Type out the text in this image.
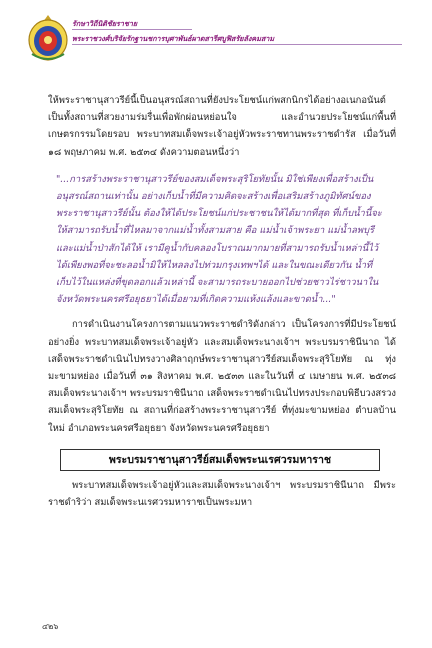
รักษาวิถีนิติชัยราชาย
พระราชวงศ์บริจัยรักฐานชการบุศาพันธ์ผาดสารีศบูฟิสรัยลังคมสาม

ให้พระราชานุสาวรีย์นี้เป็นอนุสรณ์สถานที่ยังประโยชน์แก่พสกนิกรได้อย่างอเนกอนันต์ เป็นทั้งสถานที่สวยงามร่มรื่นเพื่อพักผ่อนหย่อนใจ และอำนวยประโยชน์แก่พื้นที่เกษตรกรรมโดยรอบ พระบาทสมเด็จพระเจ้าอยู่หัวพระราชทานพระราชดำรัส เมื่อวันที่ ๑๘ พฤษภาคม พ.ศ. ๒๕๓๔ ดังความตอนหนึ่งว่า

"...การสร้างพระราชานุสาวรีย์ของสมเด็จพระสุริโยทัยนั้น มิใช่เพียงเพื่อสร้างเป็นอนุสรณ์สถานเท่านั้น อย่างเก็บน้ำที่มีความคิดจะสร้างเพื่อเสริมสร้างภูมิทัศน์ของพระราชานุสาวรีย์นั้น ต้องให้ได้ประโยชน์แก่ประชาชนให้ได้มากที่สุด ที่เก็บน้ำนี้จะให้สามารถรับน้ำที่ไหลมาจากแม่น้ำทั้งสามสาย คือ แม่น้ำเจ้าพระยา แม่น้ำลพบุรี และแม่น้ำป่าสักได้ให้ เรามีคูน้ำกับคลองโบราณมากมายที่สามารถรับน้ำเหล่านี้ไว้ได้เพียงพอที่จะชะลอน้ำมิให้ไหลลงไปท่วมกรุงเทพฯได้ และในขณะเดียวกัน น้ำที่เก็บไว้ในแหล่งที่ขุดลอกแล้วเหล่านี้ จะสามารถระบายออกไปช่วยชาวไร่ชาวนาในจังหวัดพระนครศรีอยุธยาได้เมื่อยามที่เกิดความแห้งแล้งและขาดน้ำ..."

การดำเนินงานโครงการตามแนวพระราชดำริดังกล่าว เป็นโครงการที่มีประโยชน์อย่างยิ่ง พระบาทสมเด็จพระเจ้าอยู่หัว และสมเด็จพระนางเจ้าฯ พระบรมราชินีนาถ ได้เสด็จพระราชดำเนินไปทรงวางศิลาฤกษ์พระราชานุสาวรีย์สมเด็จพระสุริโยทัย ณ ทุ่งมะขามหย่อง เมื่อวันที่ ๓๑ สิงหาคม พ.ศ. ๒๕๓๓ และในวันที่ ๔ เมษายน พ.ศ. ๒๕๓๘ สมเด็จพระนางเจ้าฯ พระบรมราชินีนาถ เสด็จพระราชดำเนินไปทรงประกอบพิธีบวงสรวงสมเด็จพระสุริโยทัย ณ สถานที่ก่อสร้างพระราชานุสาวรีย์ ที่ทุ่งมะขามหย่อง ตำบลบ้านใหม่ อำเภอพระนครศรีอยุธยา จังหวัดพระนครศรีอยุธยา

พระบรมราชานุสาวรีย์สมเด็จพระนเรศวรมหาราช

พระบาทสมเด็จพระเจ้าอยู่หัวและสมเด็จพระนางเจ้าฯ พระบรมราชินีนาถ มีพระราชดำริว่า สมเด็จพระนเรศวรมหาราชเป็นพระมหา

๔๒๖
